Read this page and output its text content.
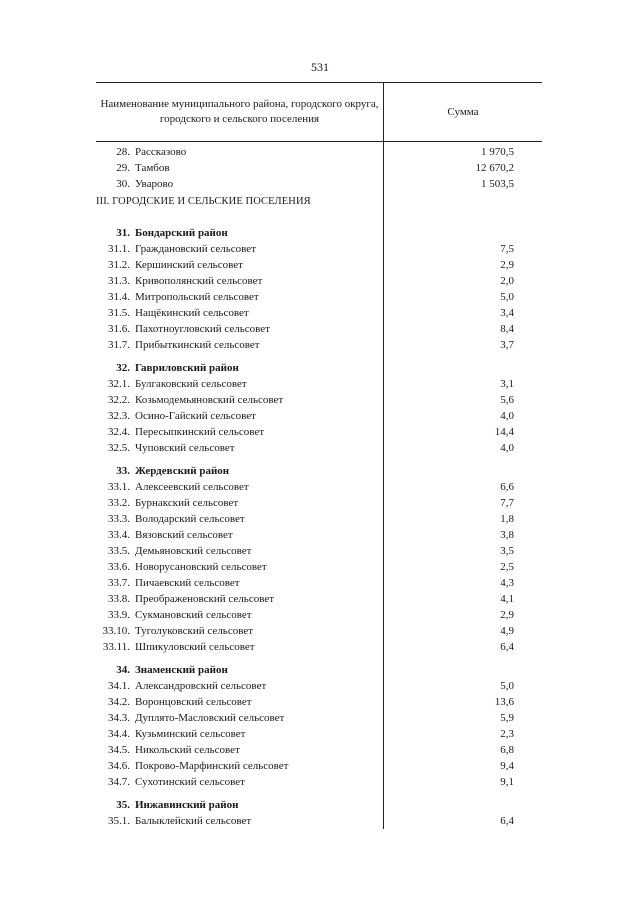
531
Наименование муниципального района, городского округа, городского и сельского поселения		Сумма
28.	Рассказово	1 970,5
29.	Тамбов	12 670,2
30.	Уварово	1 503,5
III. ГОРОДСКИЕ И СЕЛЬСКИЕ ПОСЕЛЕНИЯ		
31.	Бондарский район	
31.1.	Граждановский сельсовет	7,5
31.2.	Кершинский сельсовет	2,9
31.3.	Кривополянский сельсовет	2,0
31.4.	Митропольский сельсовет	5,0
31.5.	Нащёкинский сельсовет	3,4
31.6.	Пахотноугловский сельсовет	8,4
31.7.	Прибыткинский сельсовет	3,7
32.	Гавриловский район	
32.1.	Булгаковский сельсовет	3,1
32.2.	Козьмодемьяновский сельсовет	5,6
32.3.	Осино-Гайский сельсовет	4,0
32.4.	Пересыпкинский сельсовет	14,4
32.5.	Чуповский сельсовет	4,0
33.	Жердевский район	
33.1.	Алексеевский сельсовет	6,6
33.2.	Бурнакский сельсовет	7,7
33.3.	Володарский сельсовет	1,8
33.4.	Вязовский сельсовет	3,8
33.5.	Демьяновский сельсовет	3,5
33.6.	Новорусановский сельсовет	2,5
33.7.	Пичаевский сельсовет	4,3
33.8.	Преображеновский сельсовет	4,1
33.9.	Сукмановский сельсовет	2,9
33.10.	Туголуковский сельсовет	4,9
33.11.	Шпикуловский сельсовет	6,4
34.	Знаменский район	
34.1.	Александровский сельсовет	5,0
34.2.	Воронцовский сельсовет	13,6
34.3.	Дуплято-Масловский сельсовет	5,9
34.4.	Кузьминский сельсовет	2,3
34.5.	Никольский сельсовет	6,8
34.6.	Покрово-Марфинский сельсовет	9,4
34.7.	Сухотинский сельсовет	9,1
35.	Инжавинский район	
35.1.	Балыклейский сельсовет	6,4
